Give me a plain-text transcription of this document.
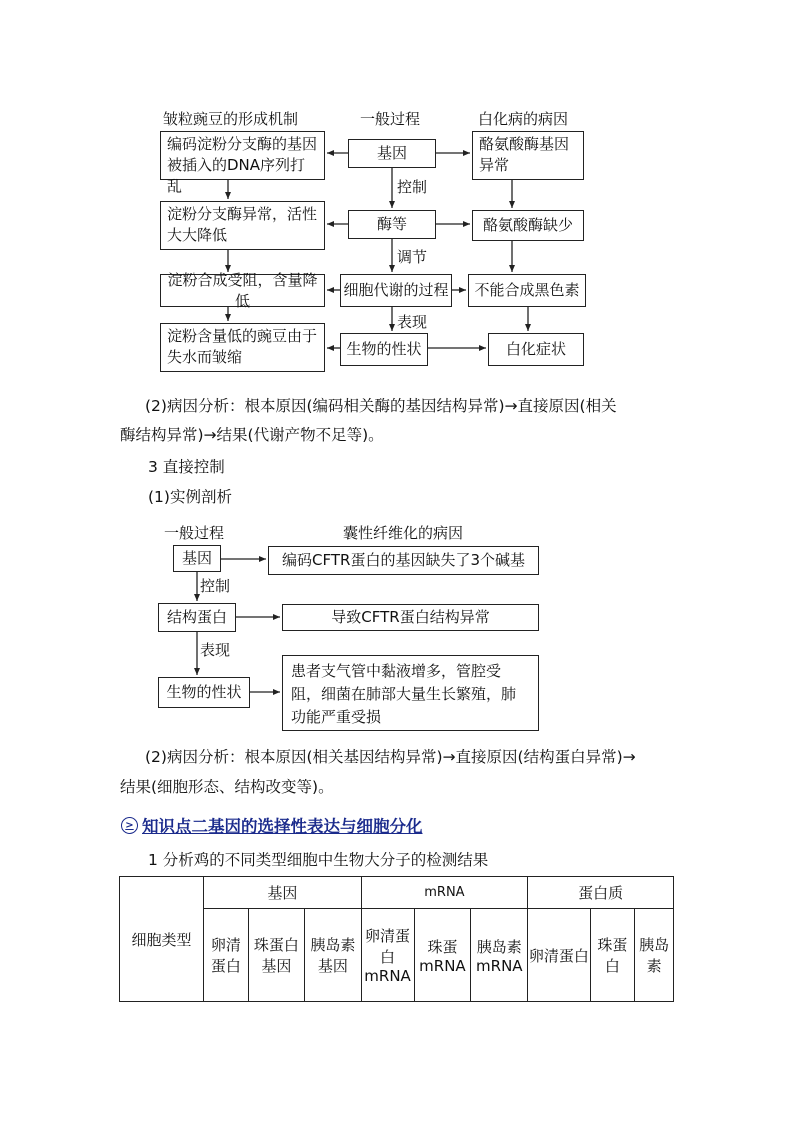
皱粒豌豆的形成机制	一般过程	白化病的病因
编码淀粉分支酶的基因被插入的DNA序列打乱
淀粉分支酶异常，活性大大降低
淀粉合成受阻，含量降低
淀粉含量低的豌豆由于失水而皱缩
基因
酶等
细胞代谢的过程
生物的性状
酪氨酸酶基因异常
酪氨酸酶缺少
不能合成黑色素
白化症状
控制
调节
表现
(2)病因分析：根本原因(编码相关酶的基因结构异常)→直接原因(相关
酶结构异常)→结果(代谢产物不足等)。
3 直接控制
(1)实例剖析
一般过程	囊性纤维化的病因
基因
结构蛋白
生物的性状
编码CFTR蛋白的基因缺失了3个碱基
导致CFTR蛋白结构异常
患者支气管中黏液增多，管腔受阻，细菌在肺部大量生长繁殖，肺功能严重受损
控制
表现
(2)病因分析：根本原因(相关基因结构异常)→直接原因(结构蛋白异常)→
结果(细胞形态、结构改变等)。
> 知识点二基因的选择性表达与细胞分化
1 分析鸡的不同类型细胞中生物大分子的检测结果
细胞类型	基因			mRNA			蛋白质		
	卵清蛋白	珠蛋白基因	胰岛素基因	卵清蛋白mRNA	珠蛋mRNA	胰岛素mRNA	卵清蛋白	珠蛋白	胰岛素
